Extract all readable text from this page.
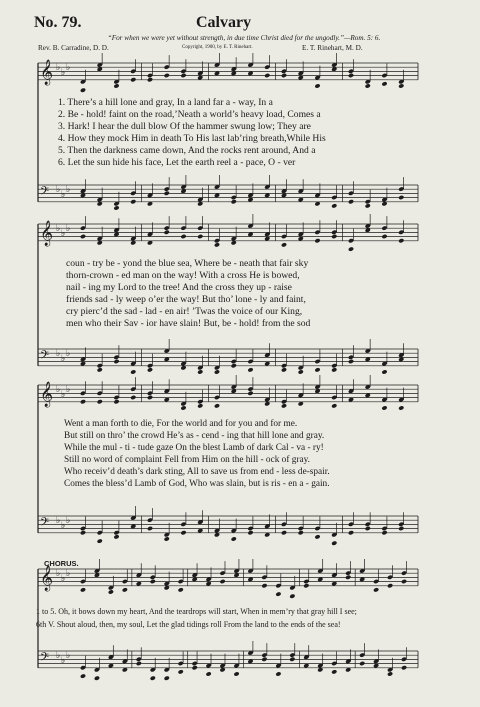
No. 79.	Calvary
“For when we were yet without strength, in due time Christ died for the ungodly.”—Rom. 5: 6.
Rev. B. Carradine, D. D.	Copyright, 1900, by E. T. Rinehart.	E. T. Rinehart, M. D.
𝄞 ♭ ♭ ♭
𝄢 ♭ ♭ ♭
𝄞 ♭ ♭ ♭
𝄢 ♭ ♭ ♭
𝄞 ♭ ♭ ♭
𝄢 ♭ ♭ ♭
𝄞 ♭ ♭ ♭
𝄢 ♭ ♭ ♭
1. There’s a hill lone and gray, In a land far a - way, In a
2. Be - hold! faint on the road,’Neath a world’s heavy load, Comes a
3. Hark! I hear the dull blow Of the hammer swung low; They are
4. How they mock Him in death To His last lab’ring breath,While His
5. Then the darkness came down, And the rocks rent around, And a
6. Let the sun hide his face, Let the earth reel a - pace, O - ver
coun - try be - yond the blue sea, Where be - neath that fair sky
thorn-crown - ed man on the way! With a cross He is bowed,
nail - ing my Lord to the tree! And the cross they up - raise
friends sad - ly weep o’er the way! But tho’ lone - ly and faint,
cry pierc’d the sad - lad - en air! ’Twas the voice of our King,
men who their Sav - ior have slain! But, be - hold! from the sod
Went a man forth to die, For the world and for you and for me.
But still on thro’ the crowd He’s as - cend - ing that hill lone and gray.
While the mul - ti - tude gaze On the blest Lamb of dark Cal - va - ry!
Still no word of complaint Fell from Him on the hill - ock of gray.
Who receiv’d death’s dark sting, All to save us from end - less de-spair.
Comes the bless’d Lamb of God, Who was slain, but is ris - en a - gain.
CHORUS.
1 to 5. Oh, it bows down my heart, And the teardrops will start, When in mem’ry that gray hill I see;
6th V. Shout aloud, then, my soul, Let the glad tidings roll From the land to the ends of the sea!
